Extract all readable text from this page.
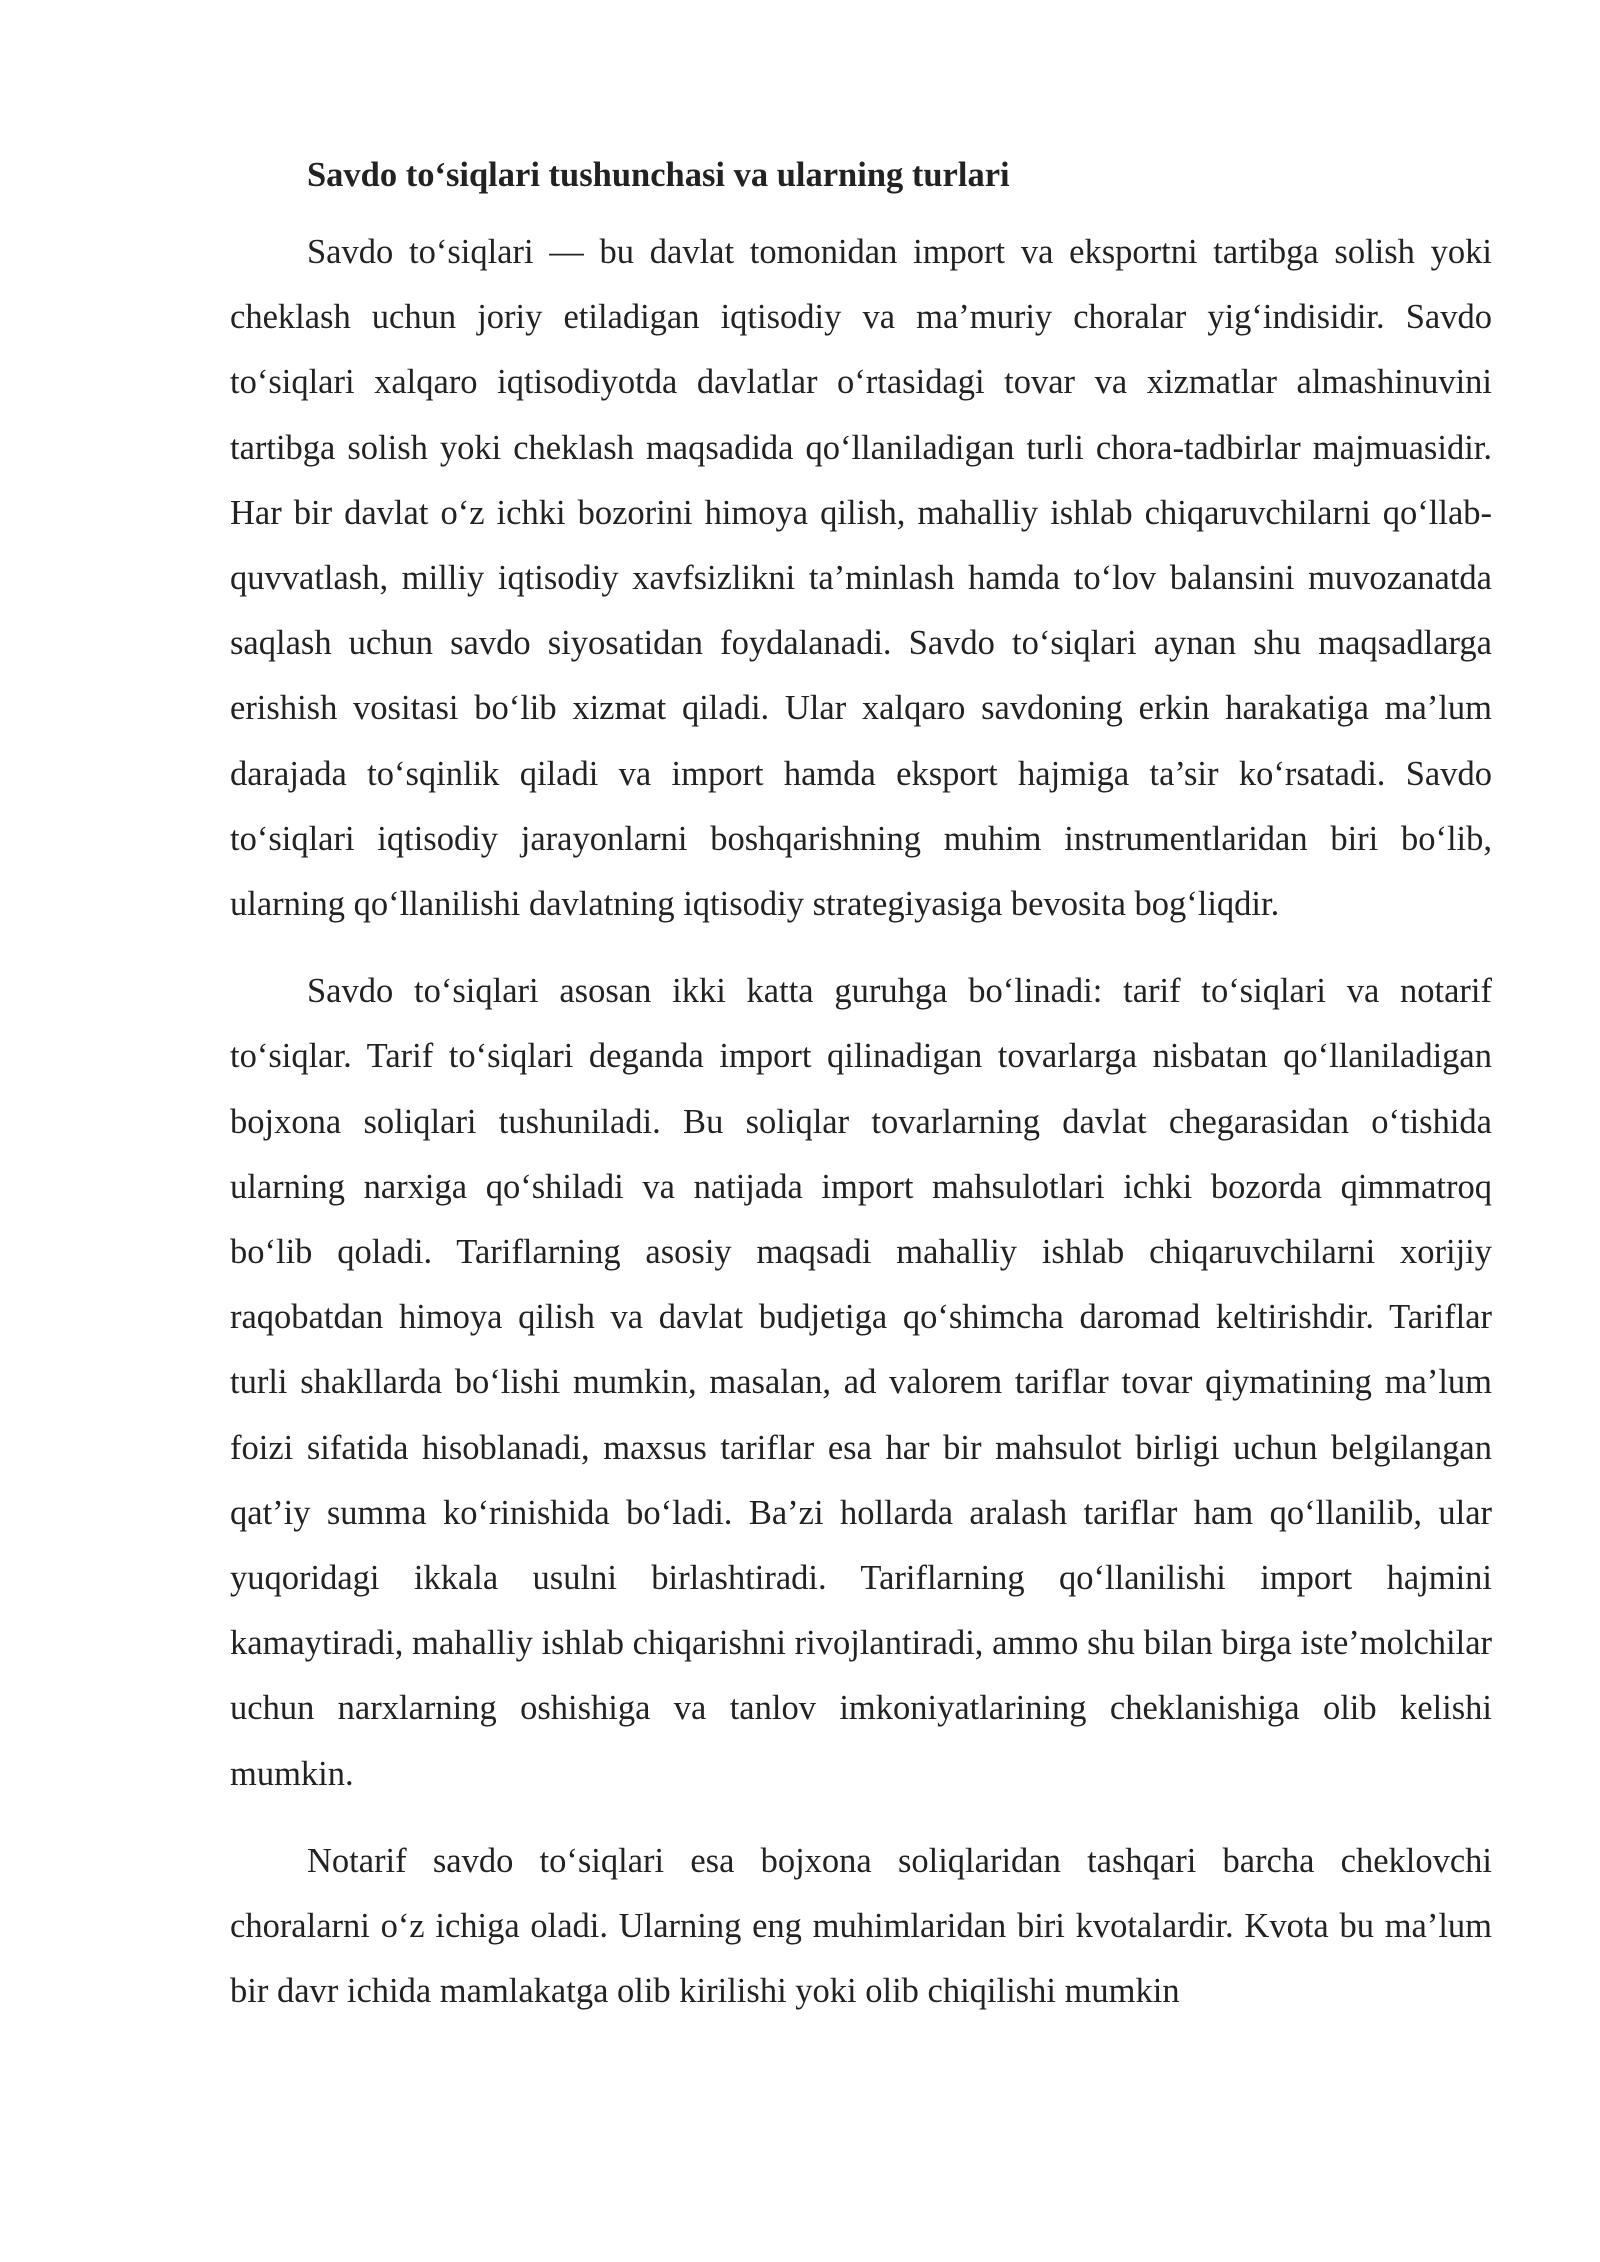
Savdo to‘siqlari tushunchasi va ularning turlari

Savdo to‘siqlari — bu davlat tomonidan import va eksportni tartibga solish yoki cheklash uchun joriy etiladigan iqtisodiy va ma’muriy choralar yig‘indisidir. Savdo to‘siqlari xalqaro iqtisodiyotda davlatlar o‘rtasidagi tovar va xizmatlar almashinuvini tartibga solish yoki cheklash maqsadida qo‘llaniladigan turli chora-tadbirlar majmuasidir. Har bir davlat o‘z ichki bozorini himoya qilish, mahalliy ishlab chiqaruvchilarni qo‘llab-quvvatlash, milliy iqtisodiy xavfsizlikni ta’minlash hamda to‘lov balansini muvozanatda saqlash uchun savdo siyosatidan foydalanadi. Savdo to‘siqlari aynan shu maqsadlarga erishish vositasi bo‘lib xizmat qiladi. Ular xalqaro savdoning erkin harakatiga ma’lum darajada to‘sqinlik qiladi va import hamda eksport hajmiga ta’sir ko‘rsatadi. Savdo to‘siqlari iqtisodiy jarayonlarni boshqarishning muhim instrumentlaridan biri bo‘lib, ularning qo‘llanilishi davlatning iqtisodiy strategiyasiga bevosita bog‘liqdir.

Savdo to‘siqlari asosan ikki katta guruhga bo‘linadi: tarif to‘siqlari va notarif to‘siqlar. Tarif to‘siqlari deganda import qilinadigan tovarlarga nisbatan qo‘llaniladigan bojxona soliqlari tushuniladi. Bu soliqlar tovarlarning davlat chegarasidan o‘tishida ularning narxiga qo‘shiladi va natijada import mahsulotlari ichki bozorda qimmatroq bo‘lib qoladi. Tariflarning asosiy maqsadi mahalliy ishlab chiqaruvchilarni xorijiy raqobatdan himoya qilish va davlat budjetiga qo‘shimcha daromad keltirishdir. Tariflar turli shakllarda bo‘lishi mumkin, masalan, ad valorem tariflar tovar qiymatining ma’lum foizi sifatida hisoblanadi, maxsus tariflar esa har bir mahsulot birligi uchun belgilangan qat’iy summa ko‘rinishida bo‘ladi. Ba’zi hollarda aralash tariflar ham qo‘llanilib, ular yuqoridagi ikkala usulni birlashtiradi. Tariflarning qo‘llanilishi import hajmini kamaytiradi, mahalliy ishlab chiqarishni rivojlantiradi, ammo shu bilan birga iste’molchilar uchun narxlarning oshishiga va tanlov imkoniyatlarining cheklanishiga olib kelishi mumkin.

Notarif savdo to‘siqlari esa bojxona soliqlaridan tashqari barcha cheklovchi choralarni o‘z ichiga oladi. Ularning eng muhimlaridan biri kvotalardir. Kvota bu ma’lum bir davr ichida mamlakatga olib kirilishi yoki olib chiqilishi mumkin
